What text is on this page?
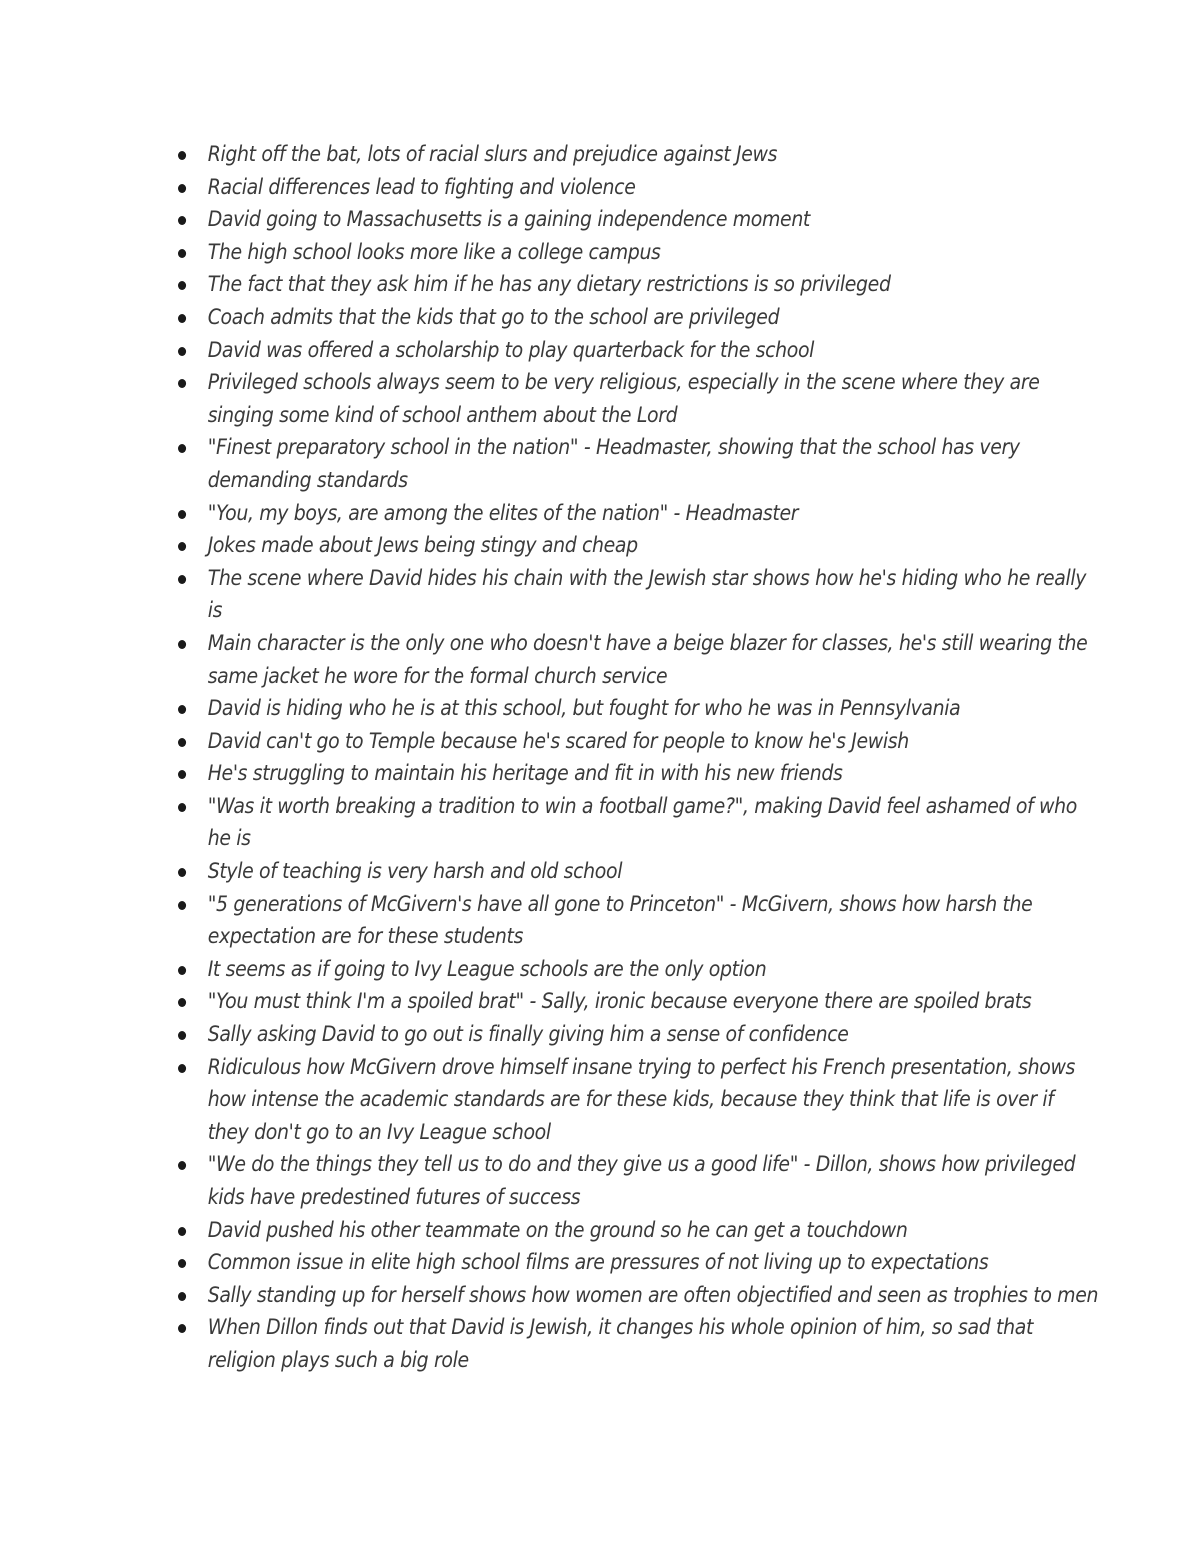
Right off the bat, lots of racial slurs and prejudice against Jews
Racial differences lead to fighting and violence
David going to Massachusetts is a gaining independence moment
The high school looks more like a college campus
The fact that they ask him if he has any dietary restrictions is so privileged
Coach admits that the kids that go to the school are privileged
David was offered a scholarship to play quarterback for the school
Privileged schools always seem to be very religious, especially in the scene where they are singing some kind of school anthem about the Lord
"Finest preparatory school in the nation" - Headmaster, showing that the school has very demanding standards
"You, my boys, are among the elites of the nation" - Headmaster
Jokes made about Jews being stingy and cheap
The scene where David hides his chain with the Jewish star shows how he's hiding who he really is
Main character is the only one who doesn't have a beige blazer for classes, he's still wearing the same jacket he wore for the formal church service
David is hiding who he is at this school, but fought for who he was in Pennsylvania
David can't go to Temple because he's scared for people to know he's Jewish
He's struggling to maintain his heritage and fit in with his new friends
"Was it worth breaking a tradition to win a football game?", making David feel ashamed of who he is
Style of teaching is very harsh and old school
"5 generations of McGivern's have all gone to Princeton" - McGivern, shows how harsh the expectation are for these students
It seems as if going to Ivy League schools are the only option
"You must think I'm a spoiled brat" - Sally, ironic because everyone there are spoiled brats
Sally asking David to go out is finally giving him a sense of confidence
Ridiculous how McGivern drove himself insane trying to perfect his French presentation, shows how intense the academic standards are for these kids, because they think that life is over if they don't go to an Ivy League school
"We do the things they tell us to do and they give us a good life" - Dillon, shows how privileged kids have predestined futures of success
David pushed his other teammate on the ground so he can get a touchdown
Common issue in elite high school films are pressures of not living up to expectations
Sally standing up for herself shows how women are often objectified and seen as trophies to men
When Dillon finds out that David is Jewish, it changes his whole opinion of him, so sad that religion plays such a big role
